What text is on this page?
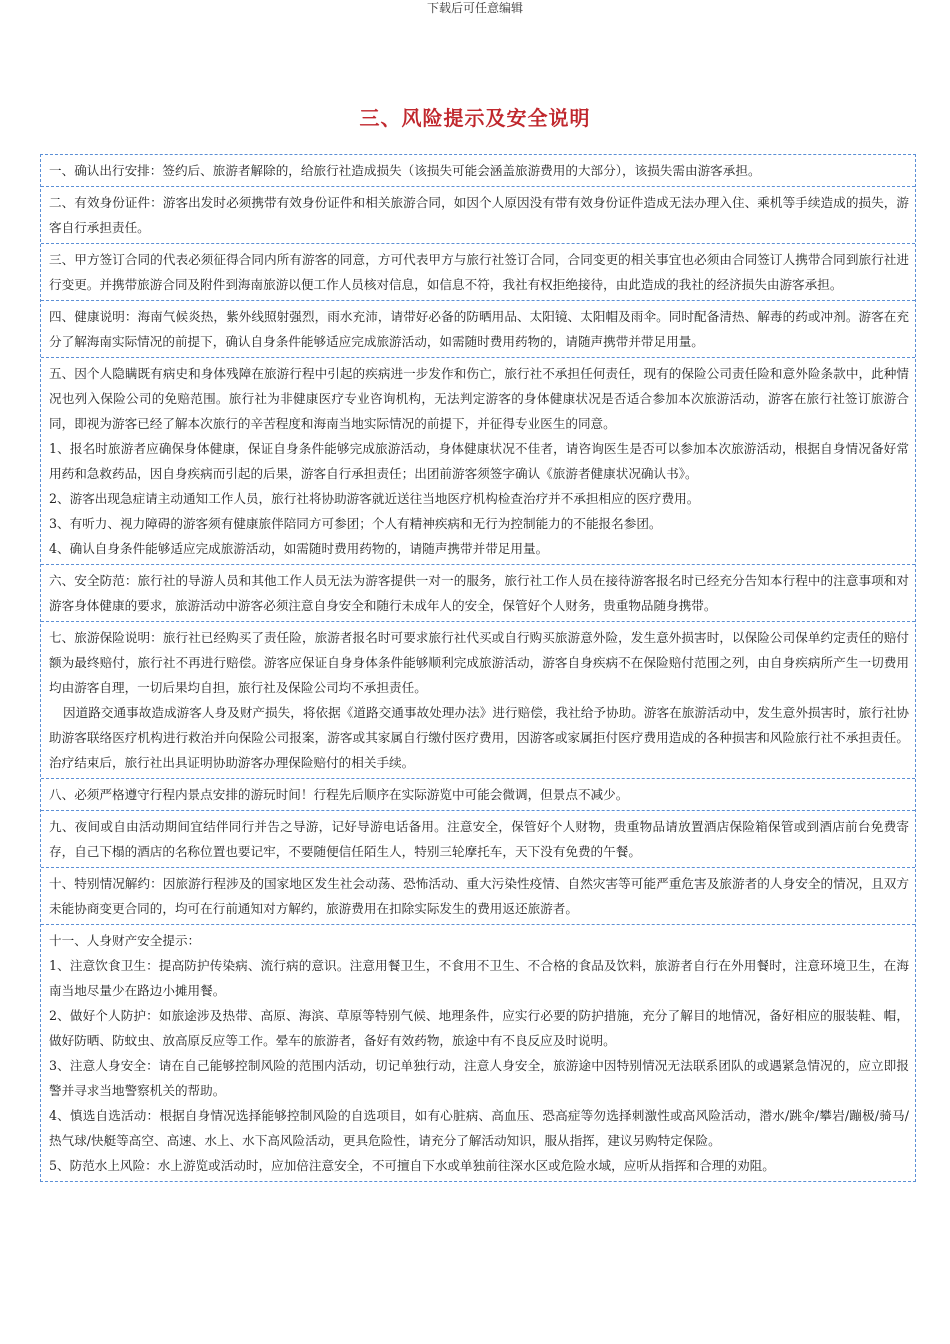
下载后可任意编辑
三、风险提示及安全说明

一、确认出行安排：签约后、旅游者解除的，给旅行社造成损失（该损失可能会涵盖旅游费用的大部分），该损失需由游客承担。

二、有效身份证件：游客出发时必须携带有效身份证件和相关旅游合同，如因个人原因没有带有效身份证件造成无法办理入住、乘机等手续造成的损失，游客自行承担责任。

三、甲方签订合同的代表必须征得合同内所有游客的同意，方可代表甲方与旅行社签订合同，合同变更的相关事宜也必须由合同签订人携带合同到旅行社进行变更。并携带旅游合同及附件到海南旅游以便工作人员核对信息，如信息不符，我社有权拒绝接待，由此造成的我社的经济损失由游客承担。

四、健康说明：海南气候炎热，紫外线照射强烈，雨水充沛，请带好必备的防晒用品、太阳镜、太阳帽及雨伞。同时配备清热、解毒的药或冲剂。游客在充分了解海南实际情况的前提下，确认自身条件能够适应完成旅游活动，如需随时费用药物的，请随声携带并带足用量。

五、因个人隐瞒既有病史和身体残障在旅游行程中引起的疾病进一步发作和伤亡，旅行社不承担任何责任，现有的保险公司责任险和意外险条款中，此种情况也列入保险公司的免赔范围。旅行社为非健康医疗专业咨询机构，无法判定游客的身体健康状况是否适合参加本次旅游活动，游客在旅行社签订旅游合同，即视为游客已经了解本次旅行的辛苦程度和海南当地实际情况的前提下，并征得专业医生的同意。

1、报名时旅游者应确保身体健康，保证自身条件能够完成旅游活动，身体健康状况不佳者，请咨询医生是否可以参加本次旅游活动，根据自身情况备好常用药和急救药品，因自身疾病而引起的后果，游客自行承担责任；出团前游客须签字确认《旅游者健康状况确认书》。

2、游客出现急症请主动通知工作人员，旅行社将协助游客就近送往当地医疗机构检查治疗并不承担相应的医疗费用。

3、有听力、视力障碍的游客须有健康旅伴陪同方可参团；个人有精神疾病和无行为控制能力的不能报名参团。

4、确认自身条件能够适应完成旅游活动，如需随时费用药物的，请随声携带并带足用量。

六、安全防范：旅行社的导游人员和其他工作人员无法为游客提供一对一的服务，旅行社工作人员在接待游客报名时已经充分告知本行程中的注意事项和对游客身体健康的要求，旅游活动中游客必须注意自身安全和随行未成年人的安全，保管好个人财务，贵重物品随身携带。

七、旅游保险说明：旅行社已经购买了责任险，旅游者报名时可要求旅行社代买或自行购买旅游意外险，发生意外损害时，以保险公司保单约定责任的赔付额为最终赔付，旅行社不再进行赔偿。游客应保证自身身体条件能够顺利完成旅游活动，游客自身疾病不在保险赔付范围之列，由自身疾病所产生一切费用均由游客自理，一切后果均自担，旅行社及保险公司均不承担责任。

因道路交通事故造成游客人身及财产损失，将依据《道路交通事故处理办法》进行赔偿，我社给予协助。游客在旅游活动中，发生意外损害时，旅行社协助游客联络医疗机构进行救治并向保险公司报案，游客或其家属自行缴付医疗费用，因游客或家属拒付医疗费用造成的各种损害和风险旅行社不承担责任。治疗结束后，旅行社出具证明协助游客办理保险赔付的相关手续。

八、必须严格遵守行程内景点安排的游玩时间！行程先后顺序在实际游览中可能会微调，但景点不减少。

九、夜间或自由活动期间宜结伴同行并告之导游，记好导游电话备用。注意安全，保管好个人财物，贵重物品请放置酒店保险箱保管或到酒店前台免费寄存，自己下榻的酒店的名称位置也要记牢，不要随便信任陌生人，特别三轮摩托车，天下没有免费的午餐。

十、特别情况解约：因旅游行程涉及的国家地区发生社会动荡、恐怖活动、重大污染性疫情、自然灾害等可能严重危害及旅游者的人身安全的情况，且双方未能协商变更合同的，均可在行前通知对方解约，旅游费用在扣除实际发生的费用返还旅游者。

十一、人身财产安全提示：

1、注意饮食卫生：提高防护传染病、流行病的意识。注意用餐卫生，不食用不卫生、不合格的食品及饮料，旅游者自行在外用餐时，注意环境卫生，在海南当地尽量少在路边小摊用餐。

2、做好个人防护：如旅途涉及热带、高原、海滨、草原等特别气候、地理条件，应实行必要的防护措施，充分了解目的地情况，备好相应的服装鞋、帽，做好防晒、防蚊虫、放高原反应等工作。晕车的旅游者，备好有效药物，旅途中有不良反应及时说明。

3、注意人身安全：请在自己能够控制风险的范围内活动，切记单独行动，注意人身安全，旅游途中因特别情况无法联系团队的或遇紧急情况的，应立即报警并寻求当地警察机关的帮助。

4、慎选自选活动：根据自身情况选择能够控制风险的自选项目，如有心脏病、高血压、恐高症等勿选择刺激性或高风险活动，潜水/跳伞/攀岩/蹦极/骑马/热气球/快艇等高空、高速、水上、水下高风险活动，更具危险性，请充分了解活动知识，服从指挥，建议另购特定保险。

5、防范水上风险：水上游览或活动时，应加倍注意安全，不可擅自下水或单独前往深水区或危险水域，应听从指挥和合理的劝阻。
